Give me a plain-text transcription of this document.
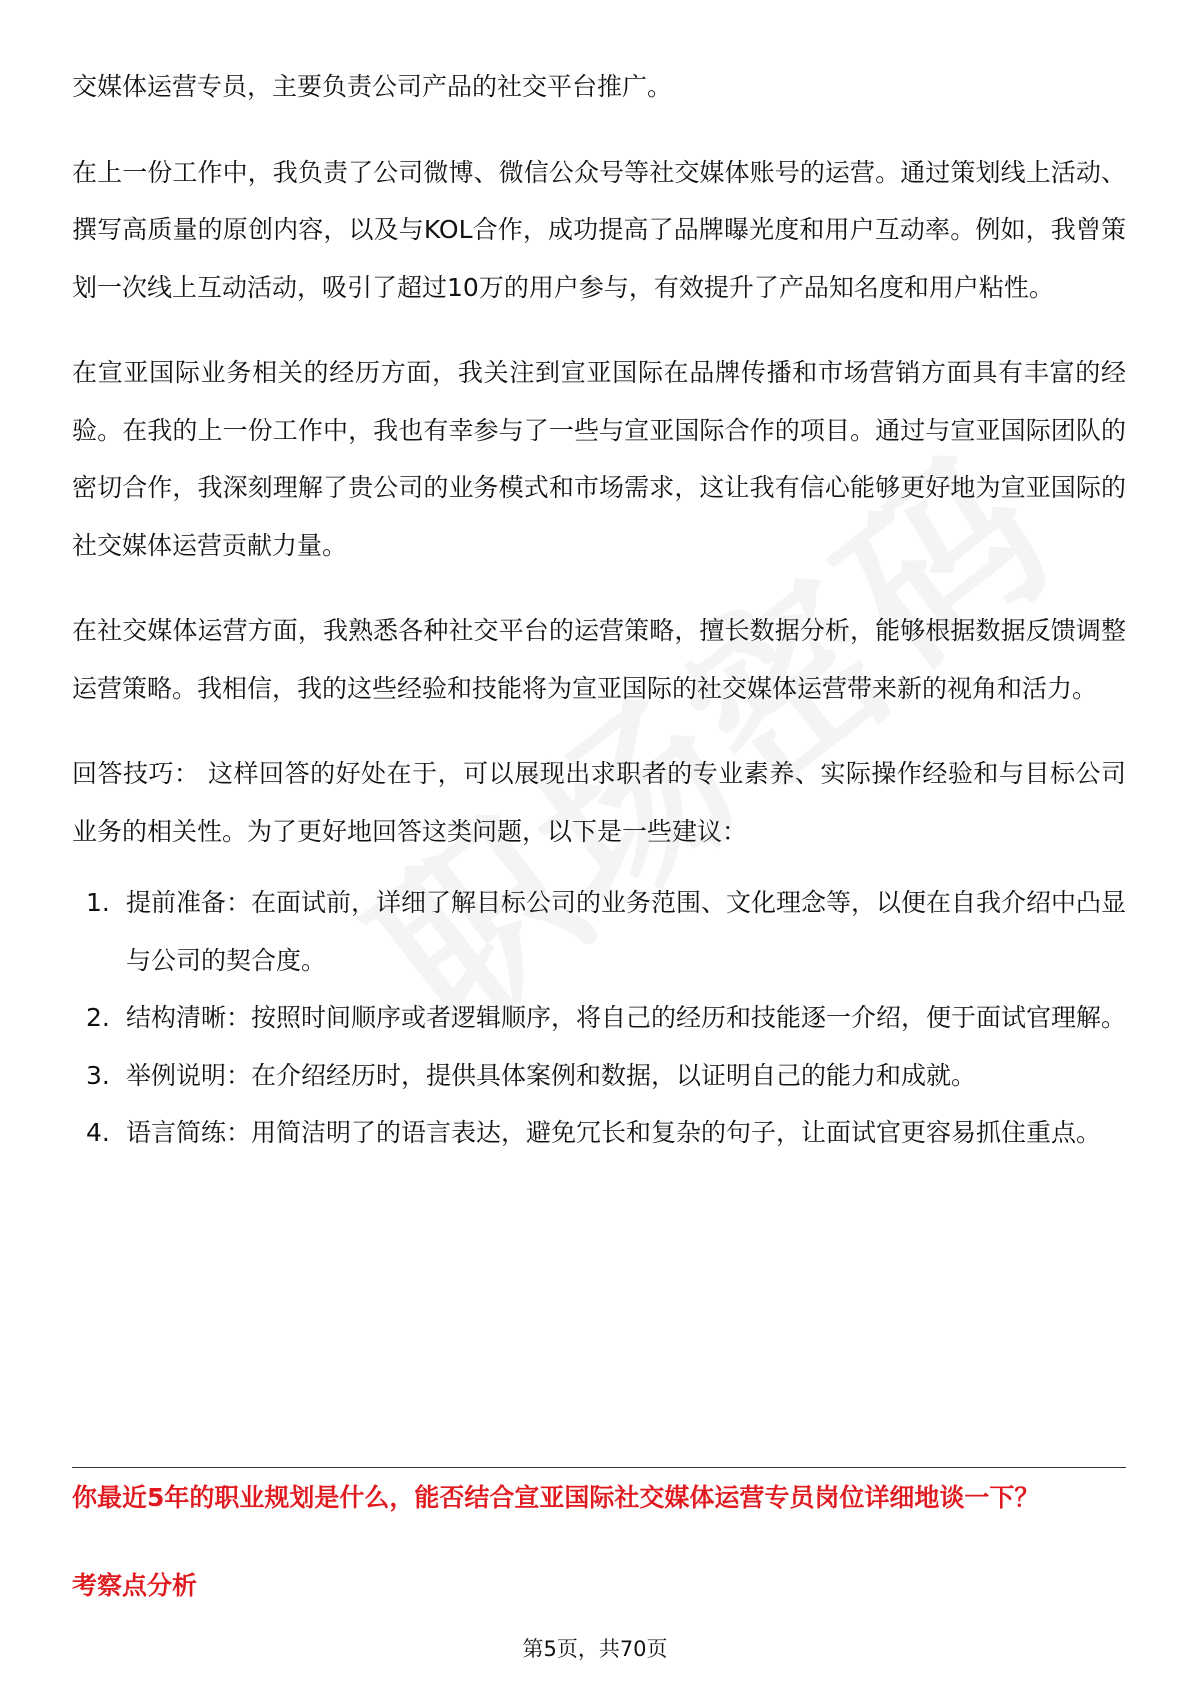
交媒体运营专员，主要负责公司产品的社交平台推广。

在上一份工作中，我负责了公司微博、微信公众号等社交媒体账号的运营。通过策划线上活动、撰写高质量的原创内容，以及与KOL合作，成功提高了品牌曝光度和用户互动率。例如，我曾策划一次线上互动活动，吸引了超过10万的用户参与，有效提升了产品知名度和用户粘性。

在宣亚国际业务相关的经历方面，我关注到宣亚国际在品牌传播和市场营销方面具有丰富的经验。在我的上一份工作中，我也有幸参与了一些与宣亚国际合作的项目。通过与宣亚国际团队的密切合作，我深刻理解了贵公司的业务模式和市场需求，这让我有信心能够更好地为宣亚国际的社交媒体运营贡献力量。

在社交媒体运营方面，我熟悉各种社交平台的运营策略，擅长数据分析，能够根据数据反馈调整运营策略。我相信，我的这些经验和技能将为宣亚国际的社交媒体运营带来新的视角和活力。

回答技巧： 这样回答的好处在于，可以展现出求职者的专业素养、实际操作经验和与目标公司业务的相关性。为了更好地回答这类问题，以下是一些建议：

1. 提前准备：在面试前，详细了解目标公司的业务范围、文化理念等，以便在自我介绍中凸显与公司的契合度。
2. 结构清晰：按照时间顺序或者逻辑顺序，将自己的经历和技能逐一介绍，便于面试官理解。
3. 举例说明：在介绍经历时，提供具体案例和数据，以证明自己的能力和成就。
4. 语言简练：用简洁明了的语言表达，避免冗长和复杂的句子，让面试官更容易抓住重点。
你最近5年的职业规划是什么，能否结合宣亚国际社交媒体运营专员岗位详细地谈一下？
考察点分析
第5页，共70页
